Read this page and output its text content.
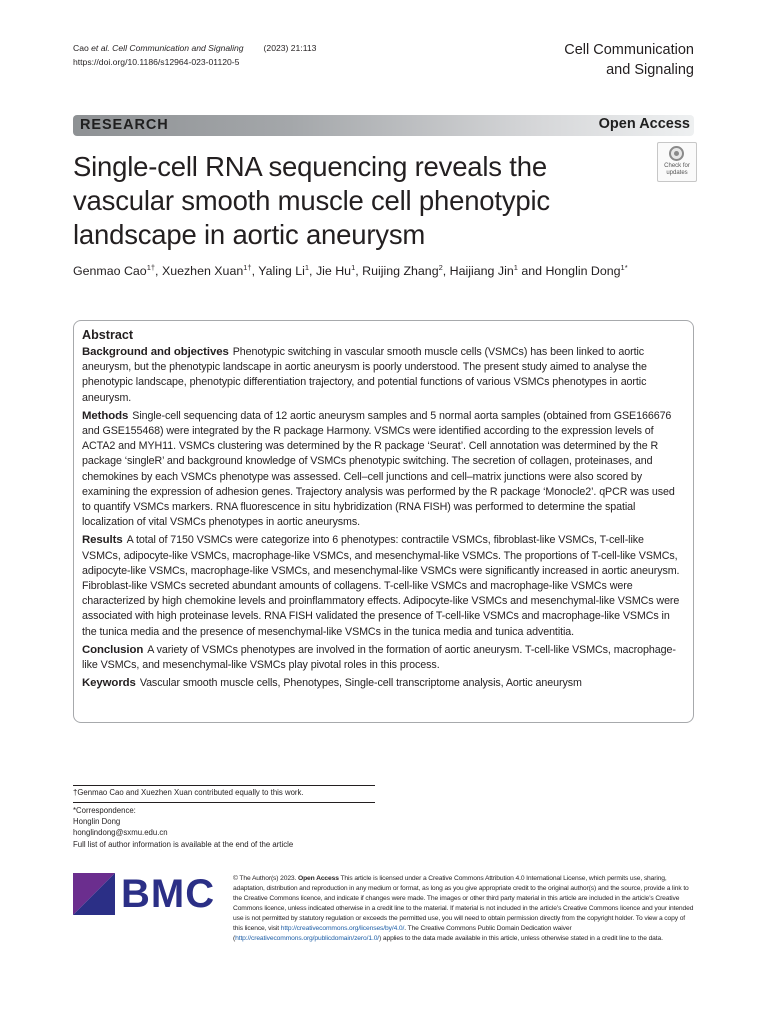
Cao et al. Cell Communication and Signaling (2023) 21:113
https://doi.org/10.1186/s12964-023-01120-5
Cell Communication
and Signaling
RESEARCH	Open Access
Single-cell RNA sequencing reveals the vascular smooth muscle cell phenotypic landscape in aortic aneurysm
Check for
updates
Genmao Cao$^{1\dagger}$, Xuezhen Xuan$^{1\dagger}$, Yaling Li$^1$, Jie Hu$^1$, Ruijing Zhang$^2$, Haijiang Jin$^1$ and Honglin Dong$^{1*}$
Abstract

Background and objectives Phenotypic switching in vascular smooth muscle cells (VSMCs) has been linked to aortic aneurysm, but the phenotypic landscape in aortic aneurysm is poorly understood. The present study aimed to analyse the phenotypic landscape, phenotypic differentiation trajectory, and potential functions of various VSMCs phenotypes in aortic aneurysm.

Methods Single-cell sequencing data of 12 aortic aneurysm samples and 5 normal aorta samples (obtained from GSE166676 and GSE155468) were integrated by the R package Harmony. VSMCs were identified according to the expression levels of ACTA2 and MYH11. VSMCs clustering was determined by the R package ‘Seurat’. Cell annotation was determined by the R package ‘singleR’ and background knowledge of VSMCs phenotypic switching. The secretion of collagen, proteinases, and chemokines by each VSMCs phenotype was assessed. Cell–cell junctions and cell–matrix junctions were also scored by examining the expression of adhesion genes. Trajectory analysis was performed by the R package ‘Monocle2’. qPCR was used to quantify VSMCs markers. RNA fluorescence in situ hybridization (RNA FISH) was performed to determine the spatial localization of vital VSMCs phenotypes in aortic aneurysms.

Results A total of 7150 VSMCs were categorize into 6 phenotypes: contractile VSMCs, fibroblast-like VSMCs, T-cell-like VSMCs, adipocyte-like VSMCs, macrophage-like VSMCs, and mesenchymal-like VSMCs. The proportions of T-cell-like VSMCs, adipocyte-like VSMCs, macrophage-like VSMCs, and mesenchymal-like VSMCs were significantly increased in aortic aneurysm. Fibroblast-like VSMCs secreted abundant amounts of collagens. T-cell-like VSMCs and macrophage-like VSMCs were characterized by high chemokine levels and proinflammatory effects. Adipocyte-like VSMCs and mesenchymal-like VSMCs were associated with high proteinase levels. RNA FISH validated the presence of T-cell-like VSMCs and macrophage-like VSMCs in the tunica media and the presence of mesenchymal-like VSMCs in the tunica media and tunica adventitia.

Conclusion A variety of VSMCs phenotypes are involved in the formation of aortic aneurysm. T-cell-like VSMCs, macrophage-like VSMCs, and mesenchymal-like VSMCs play pivotal roles in this process.

Keywords Vascular smooth muscle cells, Phenotypes, Single-cell transcriptome analysis, Aortic aneurysm

†Genmao Cao and Xuezhen Xuan contributed equally to this work.
*Correspondence:
Honglin Dong
honglindong@sxmu.edu.cn
Full list of author information is available at the end of the article
BMC	© The Author(s) 2023. Open Access This article is licensed under a Creative Commons Attribution 4.0 International License, which permits use, sharing, adaptation, distribution and reproduction in any medium or format, as long as you give appropriate credit to the original author(s) and the source, provide a link to the Creative Commons licence, and indicate if changes were made. The images or other third party material in this article are included in the article’s Creative Commons licence, unless indicated otherwise in a credit line to the material. If material is not included in the article’s Creative Commons licence and your intended use is not permitted by statutory regulation or exceeds the permitted use, you will need to obtain permission directly from the copyright holder. To view a copy of this licence, visit http://creativecommons.org/licenses/by/4.0/. The Creative Commons Public Domain Dedication waiver (http://creativecommons.org/publicdomain/zero/1.0/) applies to the data made available in this article, unless otherwise stated in a credit line to the data.
